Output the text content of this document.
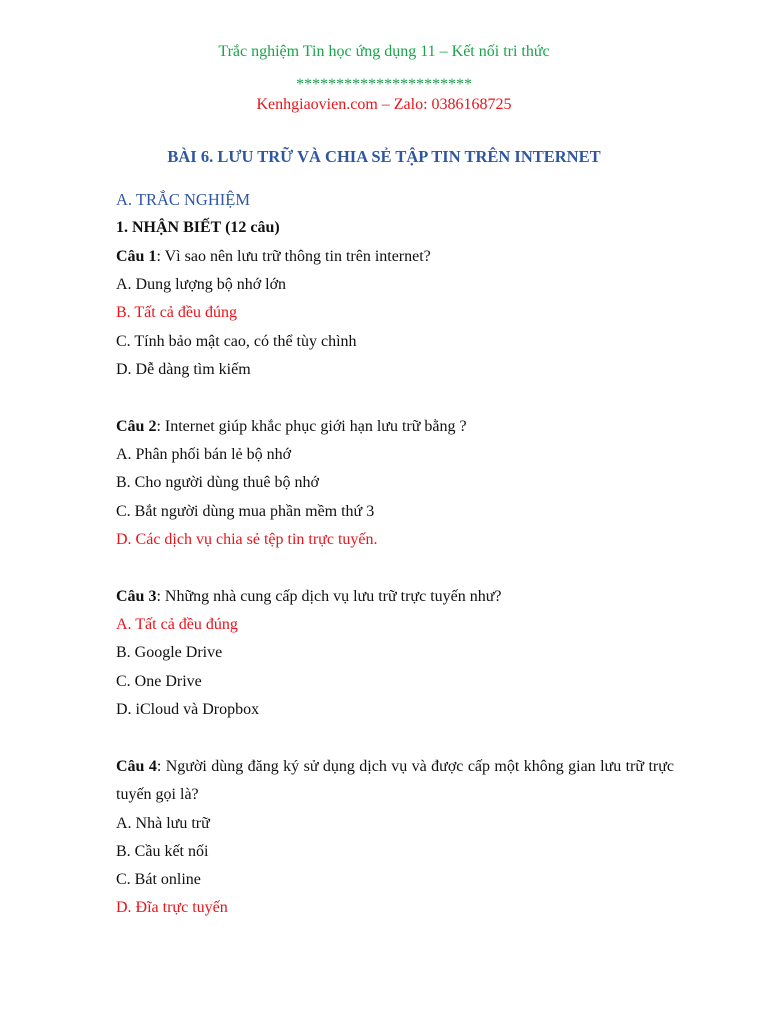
Trắc nghiệm Tin học ứng dụng 11 – Kết nối tri thức
**********************
Kenhgiaovien.com – Zalo: 0386168725
BÀI 6. LƯU TRỮ VÀ CHIA SẺ TẬP TIN TRÊN INTERNET
A. TRẮC NGHIỆM
1. NHẬN BIẾT (12 câu)
Câu 1: Vì sao nên lưu trữ thông tin trên internet?
A. Dung lượng bộ nhớ lớn
B. Tất cả đều đúng
C. Tính bảo mật cao, có thể tùy chình
D. Dễ dàng tìm kiếm
Câu 2: Internet giúp khắc phục giới hạn lưu trữ bằng ?
A. Phân phối bán lẻ bộ nhớ
B. Cho người dùng thuê bộ nhớ
C. Bắt người dùng mua phần mềm thứ 3
D. Các dịch vụ chia sẻ tệp tin trực tuyến.
Câu 3: Những nhà cung cấp dịch vụ lưu trữ trực tuyến như?
A. Tất cả đều đúng
B. Google Drive
C. One Drive
D. iCloud và Dropbox
Câu 4: Người dùng đăng ký sử dụng dịch vụ và được cấp một không gian lưu trữ trực tuyến gọi là?
A. Nhà lưu trữ
B. Cầu kết nối
C. Bát online
D. Đĩa trực tuyến
